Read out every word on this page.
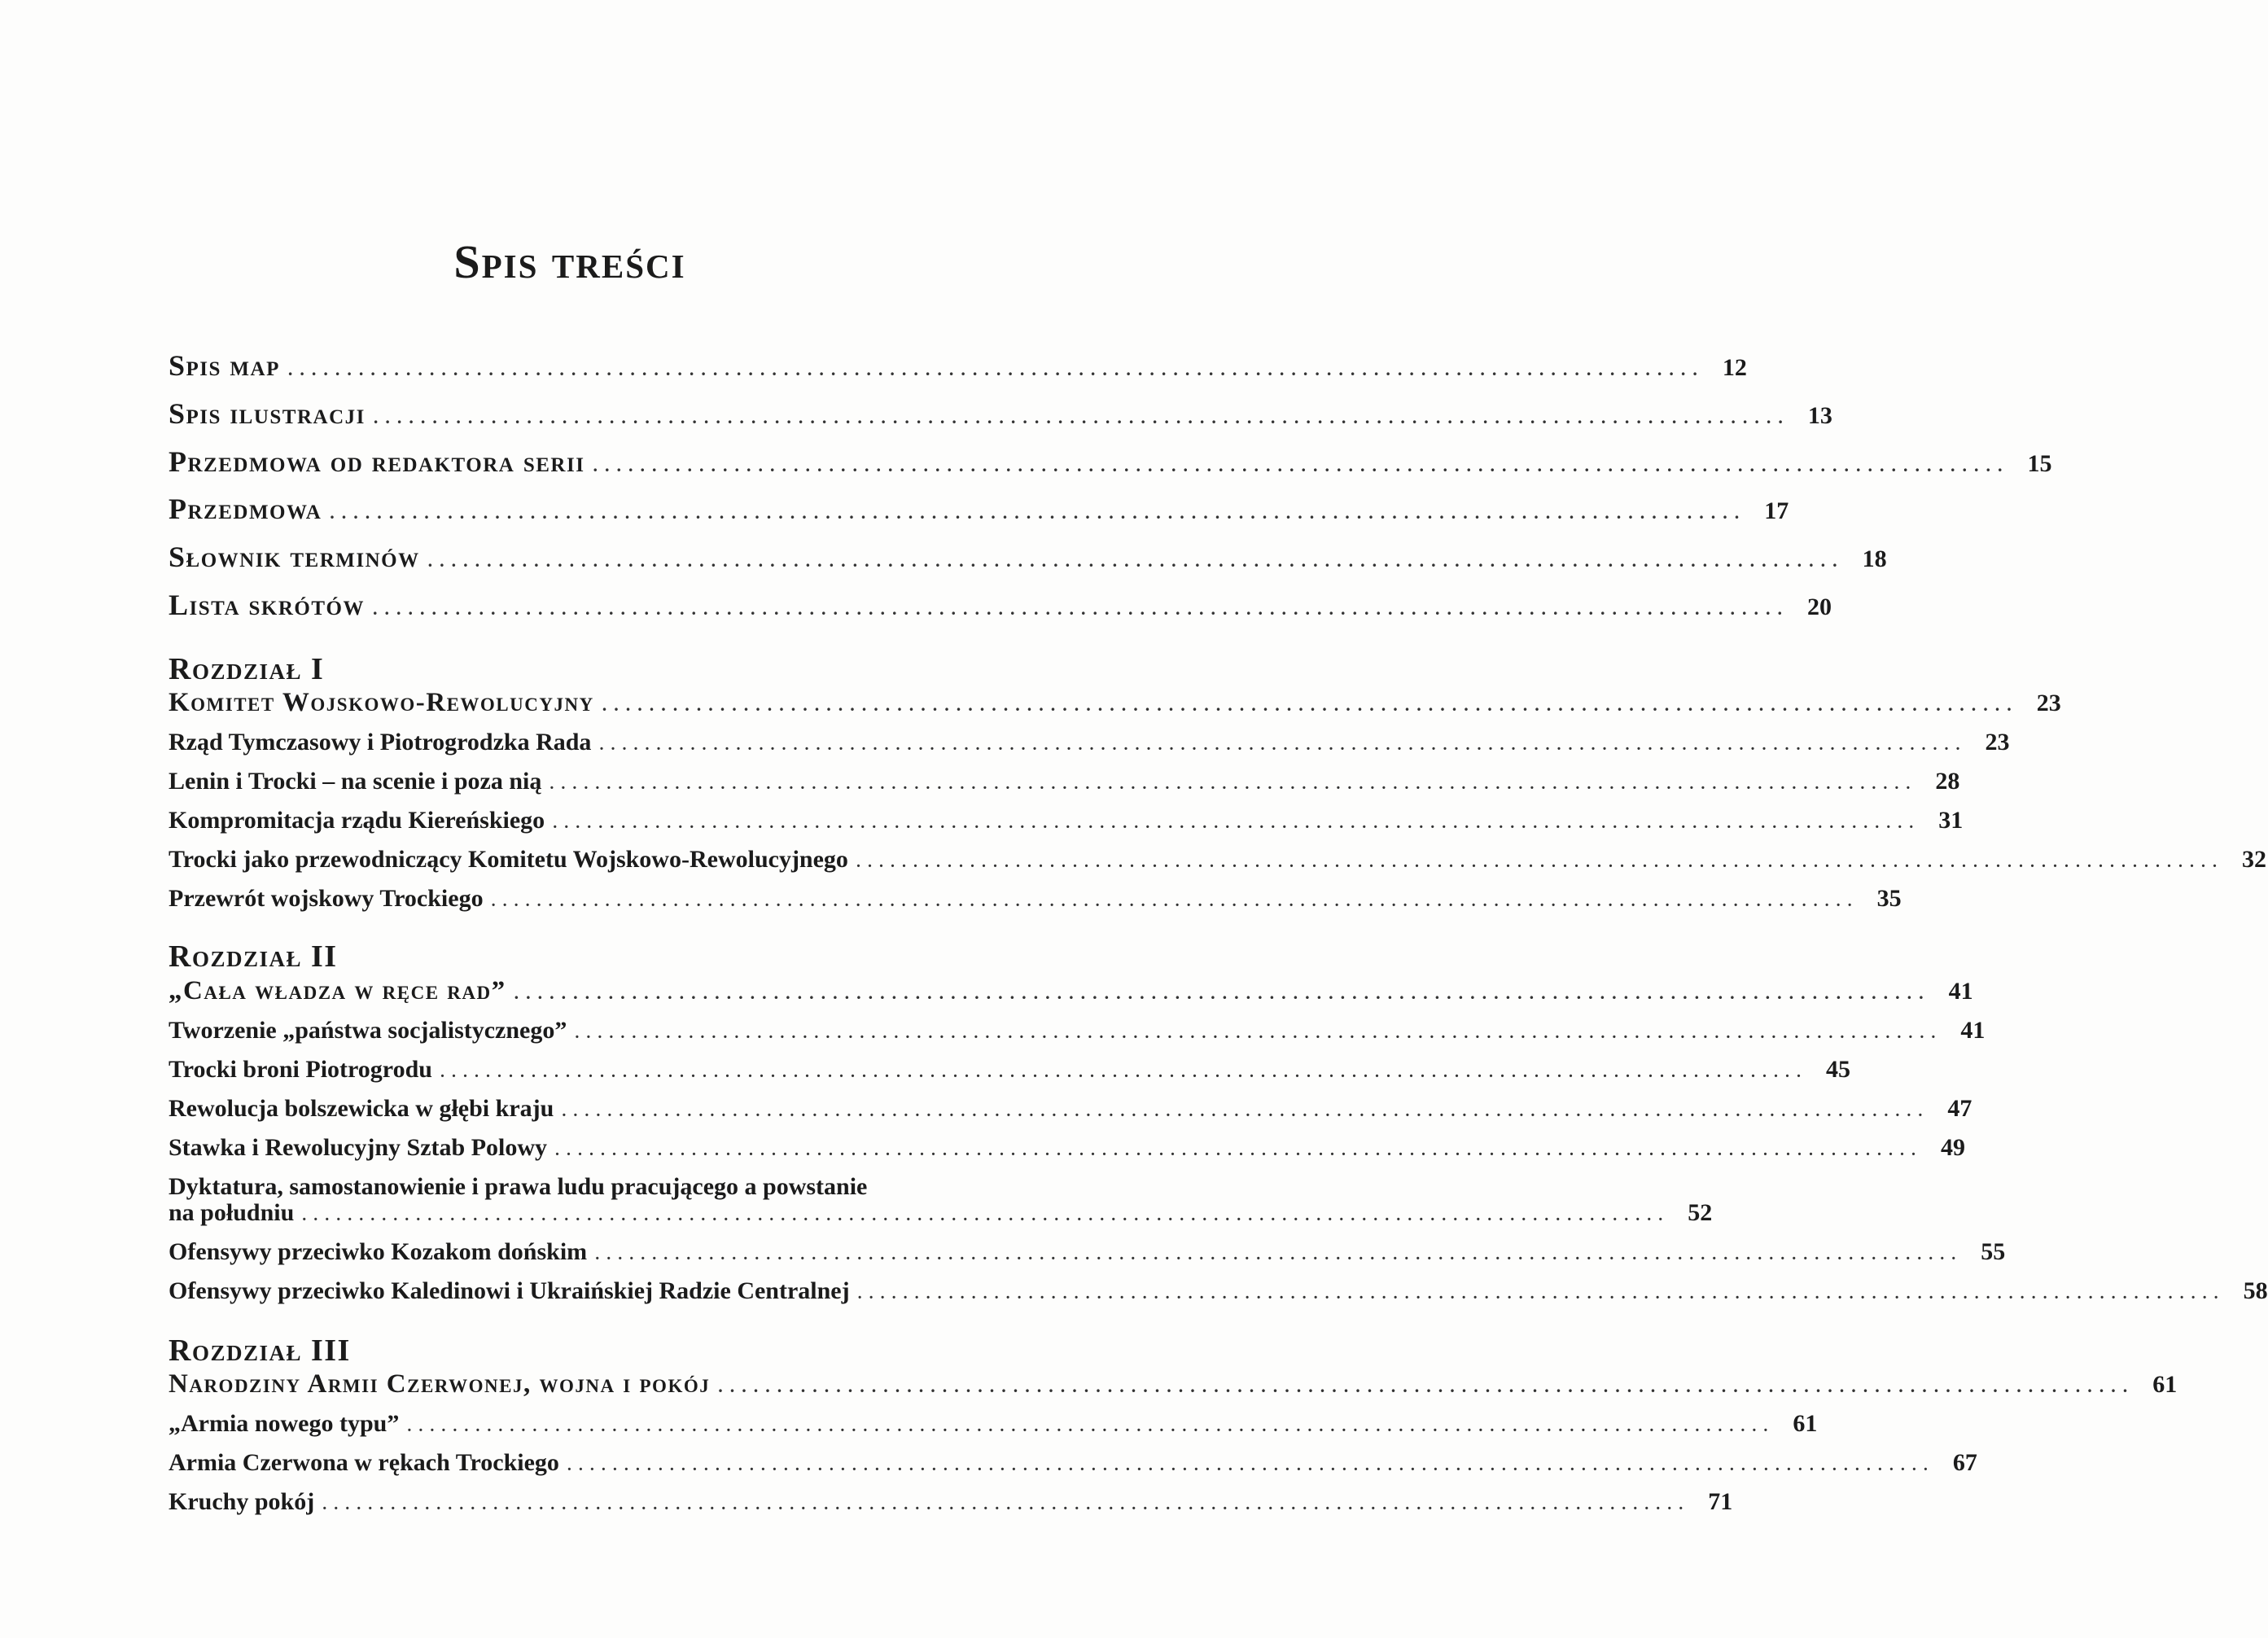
Spis treści
Spis map ........................................................................................................................ 12
Spis ilustracji ........................................................................................................................ 13
Przedmowa od redaktora serii ........................................................................................................................ 15
Przedmowa ........................................................................................................................ 17
Słownik terminów ........................................................................................................................ 18
Lista skrótów ........................................................................................................................ 20
Rozdział I
Komitet Wojskowo-Rewolucyjny ........................................................................................................................ 23
Rząd Tymczasowy i Piotrogrodzka Rada ........................................................................................................................ 23
Lenin i Trocki – na scenie i poza nią ........................................................................................................................ 28
Kompromitacja rządu Kiereńskiego ........................................................................................................................ 31
Trocki jako przewodniczący Komitetu Wojskowo-Rewolucyjnego ........................................................................................................................ 32
Przewrót wojskowy Trockiego ........................................................................................................................ 35
Rozdział II
„Cała władza w ręce rad” ........................................................................................................................ 41
Tworzenie „państwa socjalistycznego” ........................................................................................................................ 41
Trocki broni Piotrogrodu ........................................................................................................................ 45
Rewolucja bolszewicka w głębi kraju ........................................................................................................................ 47
Stawka i Rewolucyjny Sztab Polowy ........................................................................................................................ 49
Dyktatura, samostanowienie i prawa ludu pracującego a powstanie
na południu ........................................................................................................................ 52
Ofensywy przeciwko Kozakom dońskim ........................................................................................................................ 55
Ofensywy przeciwko Kaledinowi i Ukraińskiej Radzie Centralnej ........................................................................................................................ 58
Rozdział III
Narodziny Armii Czerwonej, wojna i pokój ........................................................................................................................ 61
„Armia nowego typu” ........................................................................................................................ 61
Armia Czerwona w rękach Trockiego ........................................................................................................................ 67
Kruchy pokój ........................................................................................................................ 71
